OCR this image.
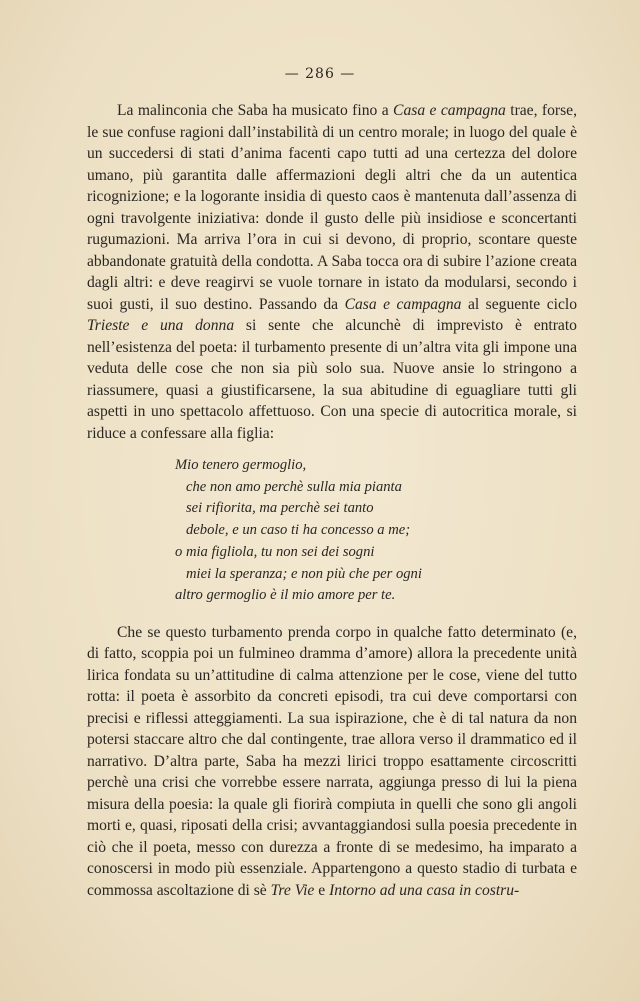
— 286 —

La malinconia che Saba ha musicato fino a Casa e campagna trae, forse, le sue confuse ragioni dall’instabilità di un centro morale; in luogo del quale è un succedersi di stati d’anima facenti capo tutti ad una certezza del dolore umano, più garantita dalle affermazioni degli altri che da un autentica ricognizione; e la logorante insidia di questo caos è mantenuta dall’assenza di ogni travolgente iniziativa: donde il gusto delle più insidiose e sconcertanti rugumazioni. Ma arriva l’ora in cui si devono, di proprio, scontare queste abbandonate gratuità della condotta. A Saba tocca ora di subire l’azione creata dagli altri: e deve reagirvi se vuole tornare in istato da modularsi, secondo i suoi gusti, il suo destino. Passando da Casa e campagna al seguente ciclo Trieste e una donna si sente che alcunchè di imprevisto è entrato nell’esistenza del poeta: il turbamento presente di un’altra vita gli impone una veduta delle cose che non sia più solo sua. Nuove ansie lo stringono a riassumere, quasi a giustificarsene, la sua abitudine di eguagliare tutti gli aspetti in uno spettacolo affettuoso. Con una specie di autocritica morale, si riduce a confessare alla figlia:

Mio tenero germoglio,
che non amo perchè sulla mia pianta
sei rifiorita, ma perchè sei tanto
debole, e un caso ti ha concesso a me;
o mia figliola, tu non sei dei sogni
miei la speranza; e non più che per ogni
altro germoglio è il mio amore per te.

Che se questo turbamento prenda corpo in qualche fatto determinato (e, di fatto, scoppia poi un fulmineo dramma d’amore) allora la precedente unità lirica fondata su un’attitudine di calma attenzione per le cose, viene del tutto rotta: il poeta è assorbito da concreti episodi, tra cui deve comportarsi con precisi e riflessi atteggiamenti. La sua ispirazione, che è di tal natura da non potersi staccare altro che dal contingente, trae allora verso il drammatico ed il narrativo. D’altra parte, Saba ha mezzi lirici troppo esattamente circoscritti perchè una crisi che vorrebbe essere narrata, aggiunga presso di lui la piena misura della poesia: la quale gli fiorirà compiuta in quelli che sono gli angoli morti e, quasi, riposati della crisi; avvantaggiandosi sulla poesia precedente in ciò che il poeta, messo con durezza a fronte di se medesimo, ha imparato a conoscersi in modo più essenziale. Appartengono a questo stadio di turbata e commossa ascoltazione di sè Tre Vie e Intorno ad una casa in costru-
